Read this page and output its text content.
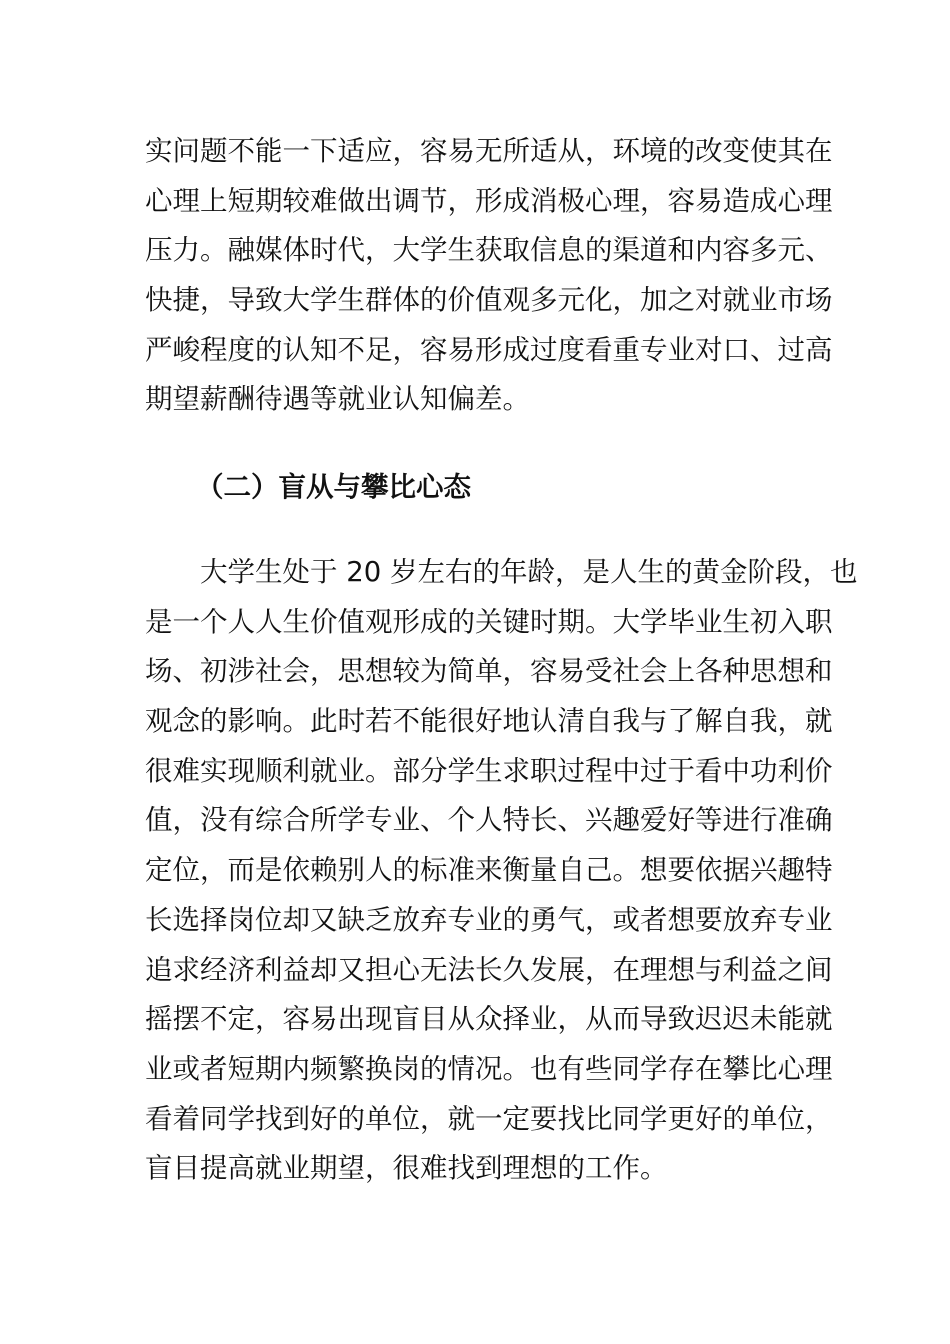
实问题不能一下适应，容易无所适从，环境的改变使其在
心理上短期较难做出调节，形成消极心理，容易造成心理
压力。融媒体时代，大学生获取信息的渠道和内容多元、
快捷，导致大学生群体的价值观多元化，加之对就业市场
严峻程度的认知不足，容易形成过度看重专业对口、过高
期望薪酬待遇等就业认知偏差。
（二）盲从与攀比心态
大学生处于 20 岁左右的年龄，是人生的黄金阶段，也
是一个人人生价值观形成的关键时期。大学毕业生初入职
场、初涉社会，思想较为简单，容易受社会上各种思想和
观念的影响。此时若不能很好地认清自我与了解自我，就
很难实现顺利就业。部分学生求职过程中过于看中功利价
值，没有综合所学专业、个人特长、兴趣爱好等进行准确
定位，而是依赖别人的标准来衡量自己。想要依据兴趣特
长选择岗位却又缺乏放弃专业的勇气，或者想要放弃专业
追求经济利益却又担心无法长久发展，在理想与利益之间
摇摆不定，容易出现盲目从众择业，从而导致迟迟未能就
业或者短期内频繁换岗的情况。也有些同学存在攀比心理
看着同学找到好的单位，就一定要找比同学更好的单位，
盲目提高就业期望，很难找到理想的工作。
